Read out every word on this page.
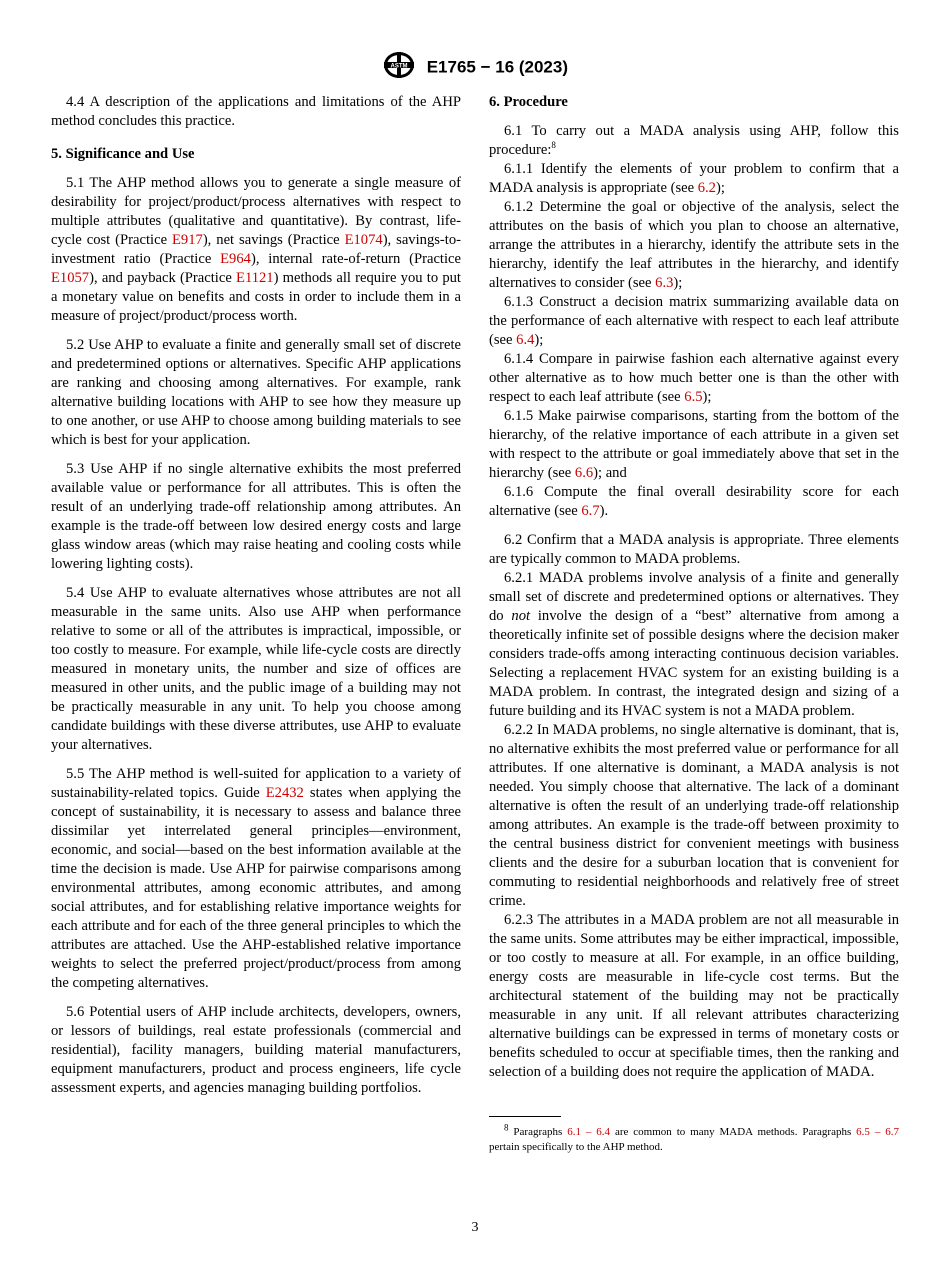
ASTM E1765 − 16 (2023)

4.4 A description of the applications and limitations of the AHP method concludes this practice.

5. Significance and Use

5.1 The AHP method allows you to generate a single measure of desirability for project/product/process alternatives with respect to multiple attributes (qualitative and quantitative). By contrast, life-cycle cost (Practice E917), net savings (Practice E1074), savings-to-investment ratio (Practice E964), internal rate-of-return (Practice E1057), and payback (Practice E1121) methods all require you to put a monetary value on benefits and costs in order to include them in a measure of project/product/process worth.

5.2 Use AHP to evaluate a finite and generally small set of discrete and predetermined options or alternatives. Specific AHP applications are ranking and choosing among alternatives. For example, rank alternative building locations with AHP to see how they measure up to one another, or use AHP to choose among building materials to see which is best for your application.

5.3 Use AHP if no single alternative exhibits the most preferred available value or performance for all attributes. This is often the result of an underlying trade-off relationship among attributes. An example is the trade-off between low desired energy costs and large glass window areas (which may raise heating and cooling costs while lowering lighting costs).

5.4 Use AHP to evaluate alternatives whose attributes are not all measurable in the same units. Also use AHP when performance relative to some or all of the attributes is impractical, impossible, or too costly to measure. For example, while life-cycle costs are directly measured in monetary units, the number and size of offices are measured in other units, and the public image of a building may not be practically measurable in any unit. To help you choose among candidate buildings with these diverse attributes, use AHP to evaluate your alternatives.

5.5 The AHP method is well-suited for application to a variety of sustainability-related topics. Guide E2432 states when applying the concept of sustainability, it is necessary to assess and balance three dissimilar yet interrelated general principles—environment, economic, and social—based on the best information available at the time the decision is made. Use AHP for pairwise comparisons among environmental attributes, among economic attributes, and among social attributes, and for establishing relative importance weights for each attribute and for each of the three general principles to which the attributes are attached. Use the AHP-established relative importance weights to select the preferred project/product/process from among the competing alternatives.

5.6 Potential users of AHP include architects, developers, owners, or lessors of buildings, real estate professionals (commercial and residential), facility managers, building material manufacturers, equipment manufacturers, product and process engineers, life cycle assessment experts, and agencies managing building portfolios.

6. Procedure

6.1 To carry out a MADA analysis using AHP, follow this procedure:$^8$

6.1.1 Identify the elements of your problem to confirm that a MADA analysis is appropriate (see 6.2);

6.1.2 Determine the goal or objective of the analysis, select the attributes on the basis of which you plan to choose an alternative, arrange the attributes in a hierarchy, identify the attribute sets in the hierarchy, identify the leaf attributes in the hierarchy, and identify alternatives to consider (see 6.3);

6.1.3 Construct a decision matrix summarizing available data on the performance of each alternative with respect to each leaf attribute (see 6.4);

6.1.4 Compare in pairwise fashion each alternative against every other alternative as to how much better one is than the other with respect to each leaf attribute (see 6.5);

6.1.5 Make pairwise comparisons, starting from the bottom of the hierarchy, of the relative importance of each attribute in a given set with respect to the attribute or goal immediately above that set in the hierarchy (see 6.6); and

6.1.6 Compute the final overall desirability score for each alternative (see 6.7).

6.2 Confirm that a MADA analysis is appropriate. Three elements are typically common to MADA problems.

6.2.1 MADA problems involve analysis of a finite and generally small set of discrete and predetermined options or alternatives. They do not involve the design of a “best” alternative from among a theoretically infinite set of possible designs where the decision maker considers trade-offs among interacting continuous decision variables. Selecting a replacement HVAC system for an existing building is a MADA problem. In contrast, the integrated design and sizing of a future building and its HVAC system is not a MADA problem.

6.2.2 In MADA problems, no single alternative is dominant, that is, no alternative exhibits the most preferred value or performance for all attributes. If one alternative is dominant, a MADA analysis is not needed. You simply choose that alternative. The lack of a dominant alternative is often the result of an underlying trade-off relationship among attributes. An example is the trade-off between proximity to the central business district for convenient meetings with business clients and the desire for a suburban location that is convenient for commuting to residential neighborhoods and relatively free of street crime.

6.2.3 The attributes in a MADA problem are not all measurable in the same units. Some attributes may be either impractical, impossible, or too costly to measure at all. For example, in an office building, energy costs are measurable in life-cycle cost terms. But the architectural statement of the building may not be practically measurable in any unit. If all relevant attributes characterizing alternative buildings can be expressed in terms of monetary costs or benefits scheduled to occur at specifiable times, then the ranking and selection of a building does not require the application of MADA.

$^8$ Paragraphs 6.1 – 6.4 are common to many MADA methods. Paragraphs 6.5 – 6.7 pertain specifically to the AHP method.
3
